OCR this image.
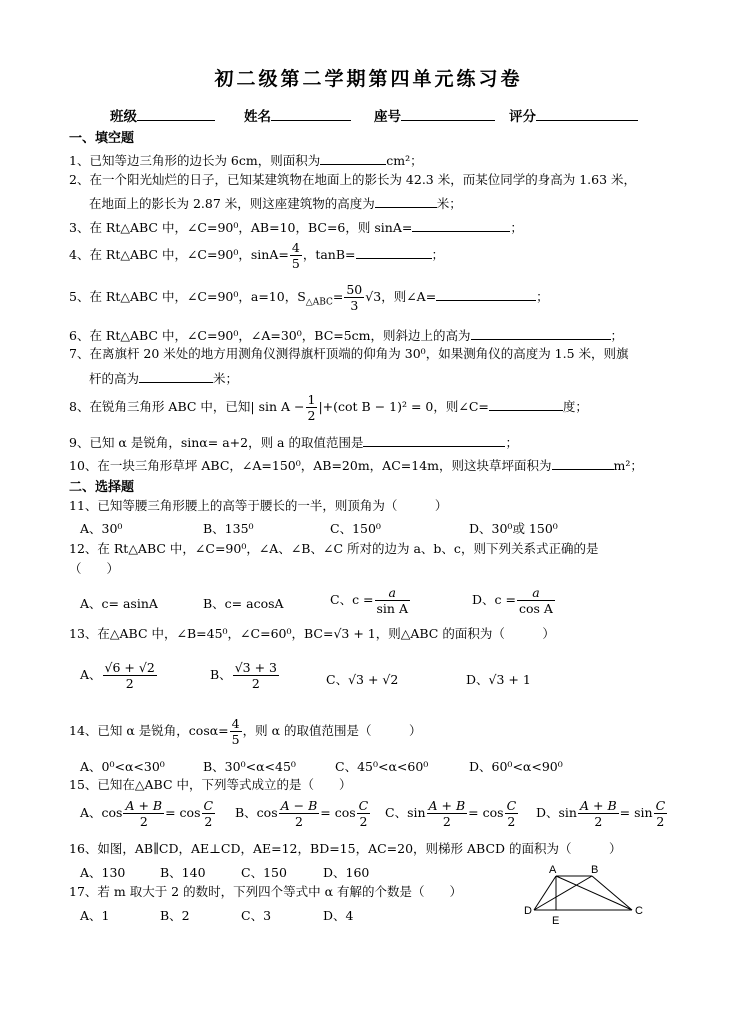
初二级第二学期第四单元练习卷
班级	姓名	座号	评分
一、填空题
1、已知等边三角形的边长为 6cm，则面积为	cm²；
2、在一个阳光灿烂的日子，已知某建筑物在地面上的影长为 42.3 米，而某位同学的身高为 1.63 米，
在地面上的影长为 2.87 米，则这座建筑物的高度为	米；
3、在 Rt△ABC 中，∠C=90⁰，AB=10，BC=6，则 sinA=	；
4、在 Rt△ABC 中，∠C=90⁰，$\sin A= \frac{4}{5}$ ，tanB=	；
5、在 Rt△ABC 中，∠C=90⁰，a=10，$S_{\triangle ABC}= \frac{50}{3} √3$，则∠A=	；
6、在 Rt△ABC 中，∠C=90⁰，∠A=30⁰，BC=5cm，则斜边上的高为	；
7、在离旗杆 20 米处的地方用测角仪测得旗杆顶端的仰角为 30⁰，如果测角仪的高度为 1.5 米，则旗
杆的高为	米；
8、在锐角三角形 ABC 中，已知| $\sin A - \frac{1}{2} |+(\cot$ B − 1)² = 0，则∠C=	度；
9、已知 α 是锐角，sinα= a+2，则 a 的取值范围是	；
10、在一块三角形草坪 ABC，∠A=150⁰，AB=20m，AC=14m，则这块草坪面积为	m²；
二、选择题
11、已知等腰三角形腰上的高等于腰长的一半，则顶角为（　　　）
A、30⁰	B、135⁰	C、150⁰	D、30⁰或 150⁰
12、在 Rt△ABC 中，∠C=90⁰，∠A、∠B、∠C 所对的边为 a、b、c，则下列关系式正确的是
（　　）
A、c= asinA	B、c= acosA	C、$c = \frac{a}{\text{sin A}}$	D、$c = \frac{a}{\text{cos A}}$
13、在△ABC 中，∠B=45⁰，∠C=60⁰，BC=√3 + 1，则△ABC 的面积为（　　　）
A、 $\frac{√6 + √2}{2}$	B、 $\frac{√3 + 3}{2}$	C、√3 + √2	D、√3 + 1
14、已知 α 是锐角，$\cos\alpha= \frac{4}{5}$ ，则 α 的取值范围是（　　　）
A、0⁰<α<30⁰	B、30⁰<α<45⁰	C、45⁰<α<60⁰	D、60⁰<α<90⁰
15、已知在△ABC 中，下列等式成立的是（　　）
A、$\cos \frac{A + B}{2} = \cos \frac{C}{2}$ B、$\cos \frac{A - B}{2} = \cos \frac{C}{2}$ C、$\sin \frac{A + B}{2} = \cos \frac{C}{2}$ D、$\sin \frac{A + B}{2} = \sin \frac{C}{2}$
16、如图，AB∥CD，AE⊥CD，AE=12，BD=15，AC=20，则梯形 ABCD 的面积为（　　　）
A、130	B、140	C、150	D、160
17、若 m 取大于 2 的数时，下列四个等式中 α 有解的个数是（　　）
A、1	B、2	C、3	D、4
A	B
C
D
E
